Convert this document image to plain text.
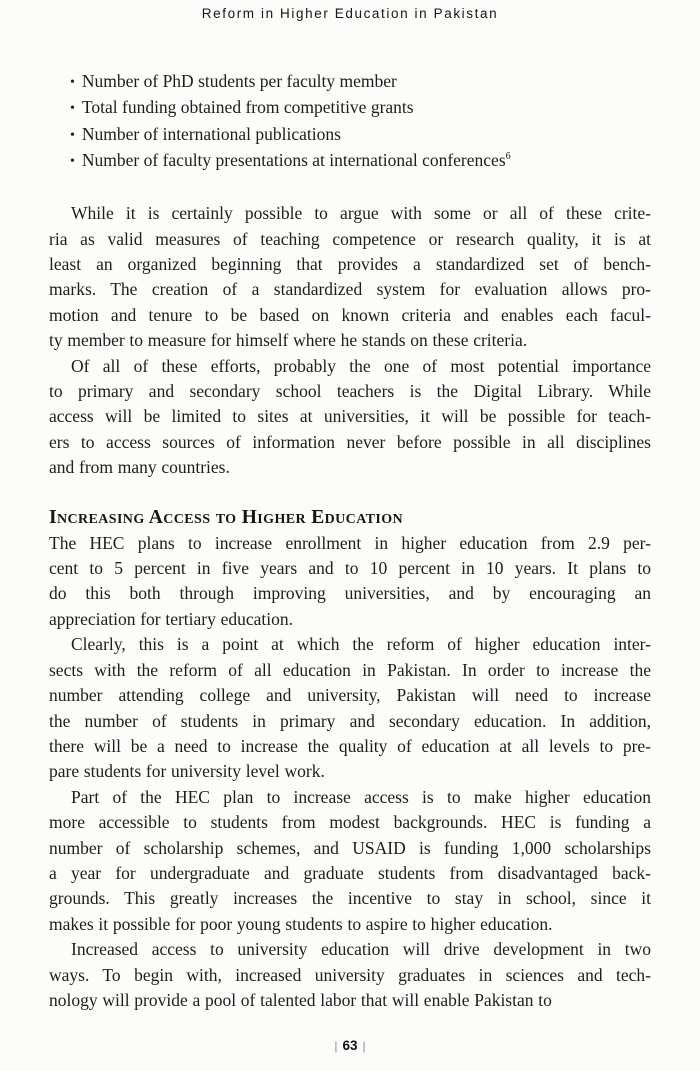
Reform in Higher Education in Pakistan
• Number of PhD students per faculty member
• Total funding obtained from competitive grants
• Number of international publications
• Number of faculty presentations at international conferences$^6$
While it is certainly possible to argue with some or all of these crite-
ria as valid measures of teaching competence or research quality, it is at
least an organized beginning that provides a standardized set of bench-
marks. The creation of a standardized system for evaluation allows pro-
motion and tenure to be based on known criteria and enables each facul-
ty member to measure for himself where he stands on these criteria.
Of all of these efforts, probably the one of most potential importance
to primary and secondary school teachers is the Digital Library. While
access will be limited to sites at universities, it will be possible for teach-
ers to access sources of information never before possible in all disciplines
and from many countries.
Increasing Access to Higher Education
The HEC plans to increase enrollment in higher education from 2.9 per-
cent to 5 percent in five years and to 10 percent in 10 years. It plans to
do this both through improving universities, and by encouraging an
appreciation for tertiary education.
Clearly, this is a point at which the reform of higher education inter-
sects with the reform of all education in Pakistan. In order to increase the
number attending college and university, Pakistan will need to increase
the number of students in primary and secondary education. In addition,
there will be a need to increase the quality of education at all levels to pre-
pare students for university level work.
Part of the HEC plan to increase access is to make higher education
more accessible to students from modest backgrounds. HEC is funding a
number of scholarship schemes, and USAID is funding 1,000 scholarships
a year for undergraduate and graduate students from disadvantaged back-
grounds. This greatly increases the incentive to stay in school, since it
makes it possible for poor young students to aspire to higher education.
Increased access to university education will drive development in two
ways. To begin with, increased university graduates in sciences and tech-
nology will provide a pool of talented labor that will enable Pakistan to
| 63 |
